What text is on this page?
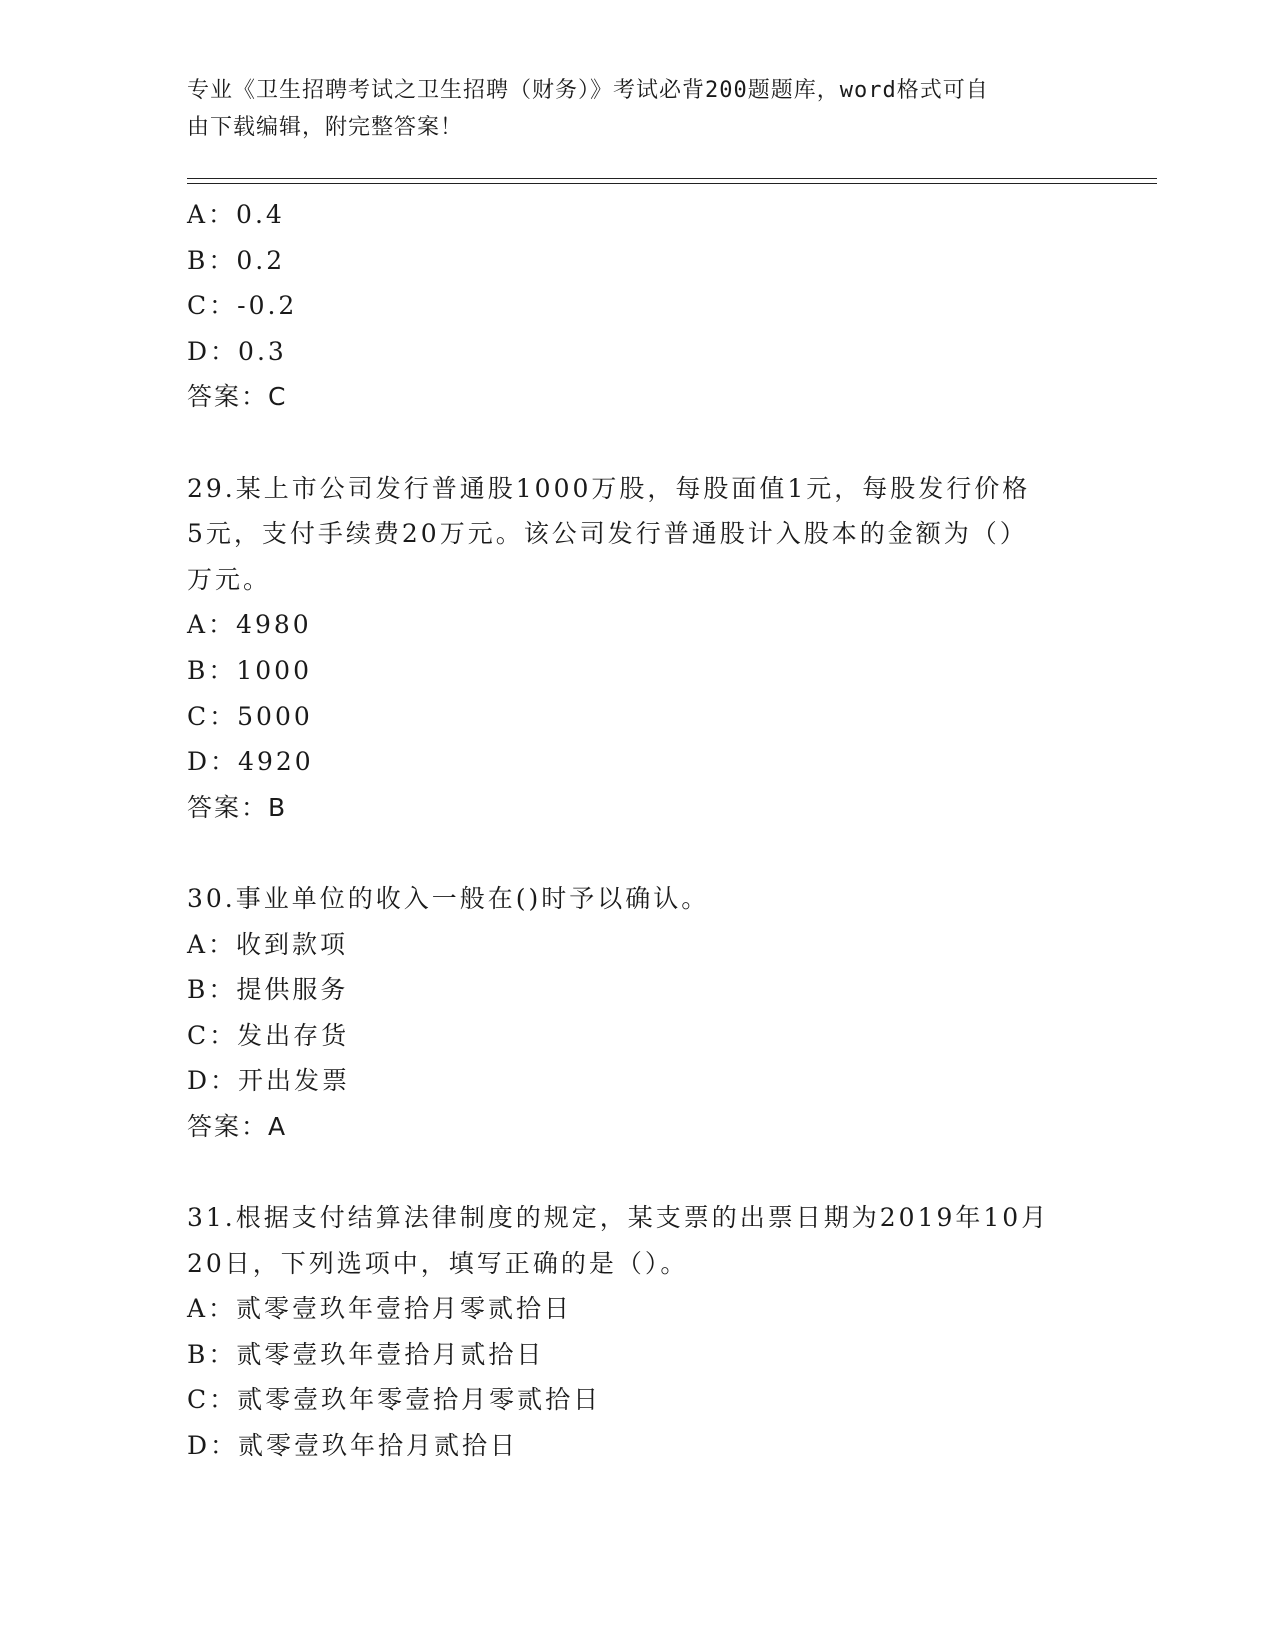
专业《卫生招聘考试之卫生招聘（财务）》考试必背200题题库，word格式可自
由下载编辑，附完整答案！
A：0.4
B：0.2
C：-0.2
D：0.3
答案：C
29.某上市公司发行普通股1000万股，每股面值1元，每股发行价格
5元，支付手续费20万元。该公司发行普通股计入股本的金额为（）
万元。
A：4980
B：1000
C：5000
D：4920
答案：B
30.事业单位的收入一般在()时予以确认。
A：收到款项
B：提供服务
C：发出存货
D：开出发票
答案：A
31.根据支付结算法律制度的规定，某支票的出票日期为2019年10月
20日，下列选项中，填写正确的是（）。
A：贰零壹玖年壹拾月零贰拾日
B：贰零壹玖年壹拾月贰拾日
C：贰零壹玖年零壹拾月零贰拾日
D：贰零壹玖年拾月贰拾日
